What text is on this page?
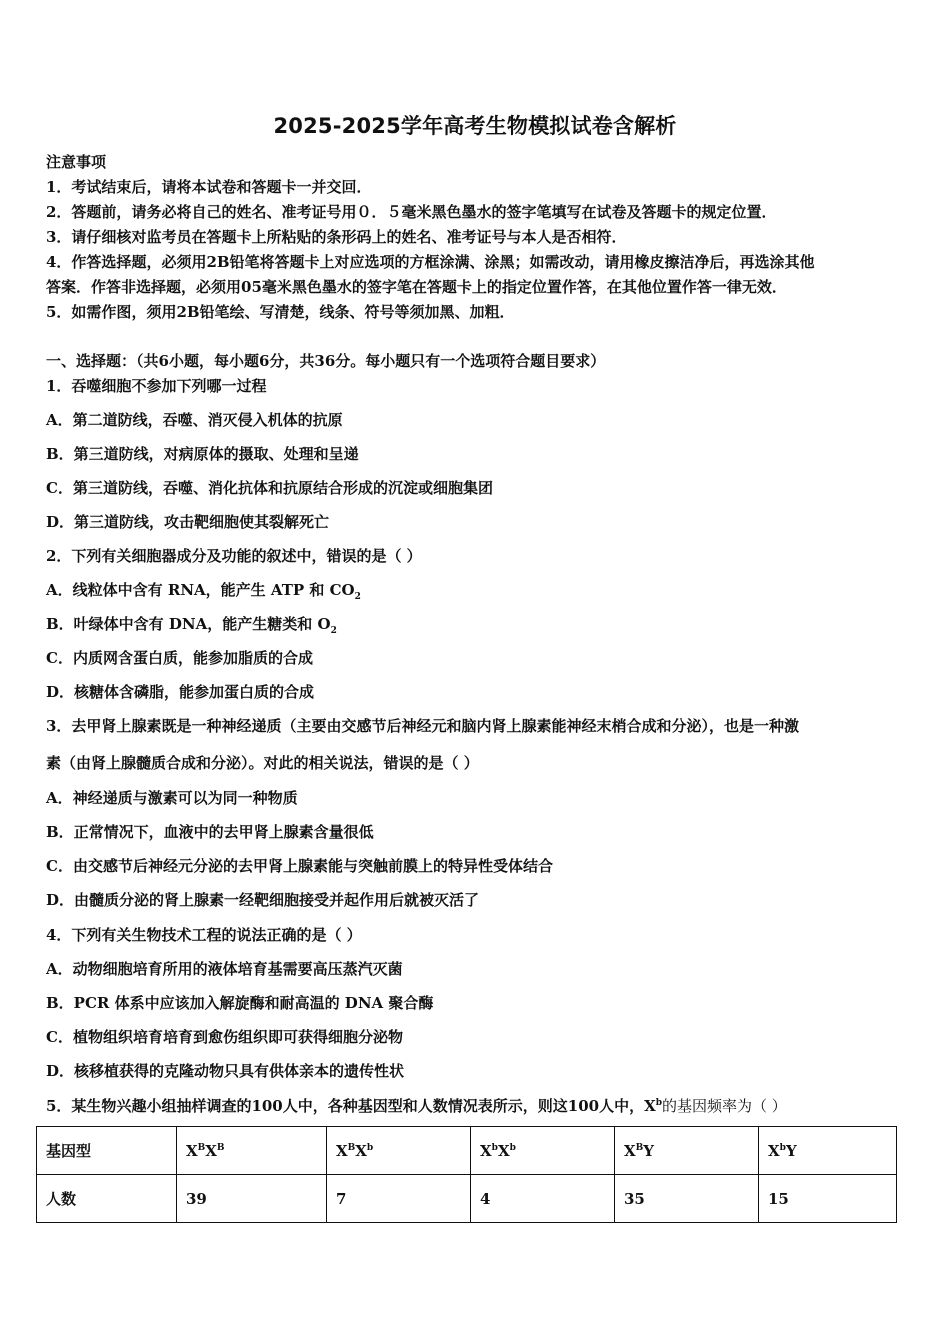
2025-2025学年高考生物模拟试卷含解析
注意事项
1．考试结束后，请将本试卷和答题卡一并交回．
2．答题前，请务必将自己的姓名、准考证号用０．５毫米黑色墨水的签字笔填写在试卷及答题卡的规定位置．
3．请仔细核对监考员在答题卡上所粘贴的条形码上的姓名、准考证号与本人是否相符．
4．作答选择题，必须用2B铅笔将答题卡上对应选项的方框涂满、涂黑；如需改动，请用橡皮擦洁净后，再选涂其他
答案．作答非选择题，必须用05毫米黑色墨水的签字笔在答题卡上的指定位置作答，在其他位置作答一律无效．
5．如需作图，须用2B铅笔绘、写清楚，线条、符号等须加黑、加粗．
一、选择题：（共6小题，每小题6分，共36分。每小题只有一个选项符合题目要求）
1．吞噬细胞不参加下列哪一过程
A．第二道防线，吞噬、消灭侵入机体的抗原
B．第三道防线，对病原体的摄取、处理和呈递
C．第三道防线，吞噬、消化抗体和抗原结合形成的沉淀或细胞集团
D．第三道防线，攻击靶细胞使其裂解死亡
2．下列有关细胞器成分及功能的叙述中，错误的是（ ）
A．线粒体中含有 RNA，能产生 ATP 和 $CO_2$
B．叶绿体中含有 DNA，能产生糖类和 $O_2$
C．内质网含蛋白质，能参加脂质的合成
D．核糖体含磷脂，能参加蛋白质的合成
3．去甲肾上腺素既是一种神经递质（主要由交感节后神经元和脑内肾上腺素能神经末梢合成和分泌），也是一种激
素（由肾上腺髓质合成和分泌）。对此的相关说法，错误的是（ ）
A．神经递质与激素可以为同一种物质
B．正常情况下，血液中的去甲肾上腺素含量很低
C．由交感节后神经元分泌的去甲肾上腺素能与突触前膜上的特异性受体结合
D．由髓质分泌的肾上腺素一经靶细胞接受并起作用后就被灭活了
4．下列有关生物技术工程的说法正确的是（ ）
A．动物细胞培育所用的液体培育基需要高压蒸汽灭菌
B．PCR 体系中应该加入解旋酶和耐高温的 DNA 聚合酶
C．植物组织培育培育到愈伤组织即可获得细胞分泌物
D．核移植获得的克隆动物只具有供体亲本的遗传性状
5．某生物兴趣小组抽样调查的100人中，各种基因型和人数情况表所示，则这100人中，$X^b$的基因频率为（ ）
基因型	$X^BX^B$	$X^BX^b$	$X^bX^b$	$X^BY$	$X^bY$
人数	39	7	4	35	15
